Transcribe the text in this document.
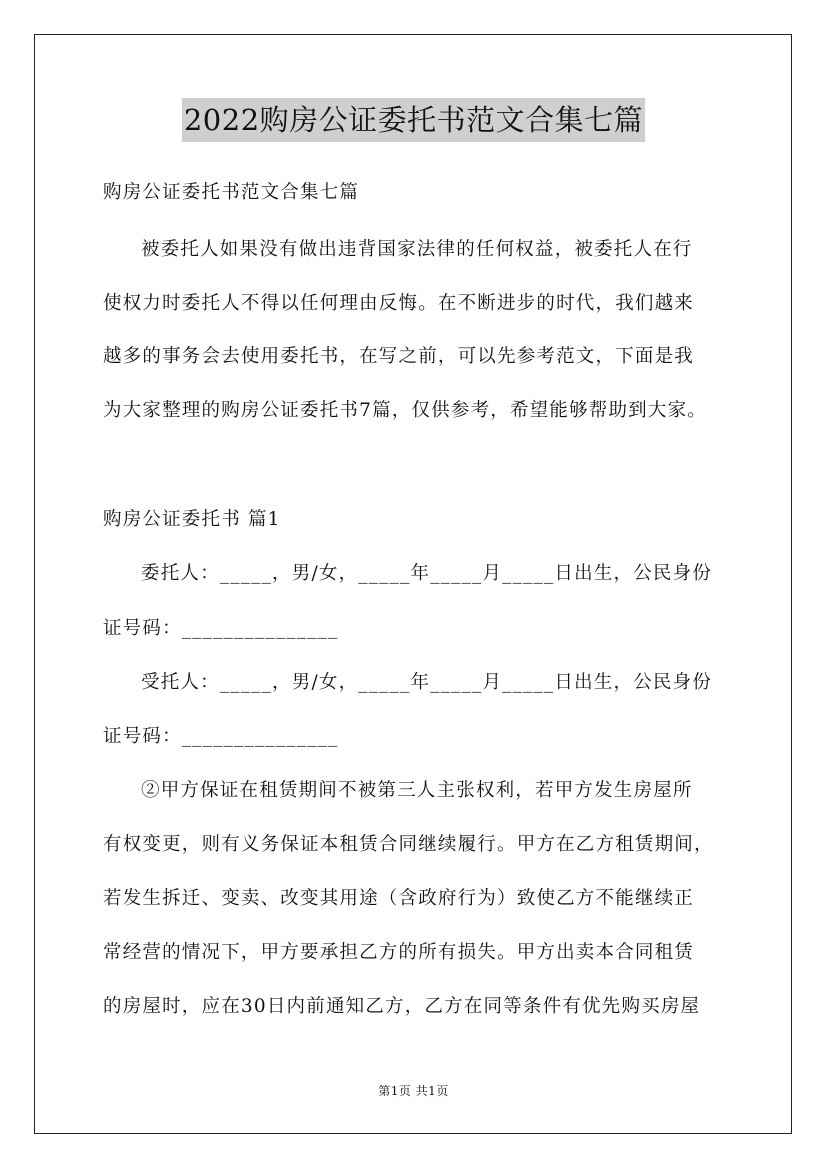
2022购房公证委托书范文合集七篇
购房公证委托书范文合集七篇
被委托人如果没有做出违背国家法律的任何权益，被委托人在行
使权力时委托人不得以任何理由反悔。在不断进步的时代，我们越来
越多的事务会去使用委托书，在写之前，可以先参考范文，下面是我
为大家整理的购房公证委托书7篇，仅供参考，希望能够帮助到大家。
购房公证委托书 篇1
委托人：_____，男/女，_____年_____月_____日出生，公民身份
证号码：_______________
受托人：_____，男/女，_____年_____月_____日出生，公民身份
证号码：_______________
②甲方保证在租赁期间不被第三人主张权利，若甲方发生房屋所
有权变更，则有义务保证本租赁合同继续履行。甲方在乙方租赁期间，
若发生拆迁、变卖、改变其用途（含政府行为）致使乙方不能继续正
常经营的情况下，甲方要承担乙方的所有损失。甲方出卖本合同租赁
的房屋时，应在30日内前通知乙方，乙方在同等条件有优先购买房屋
第1页 共1页
